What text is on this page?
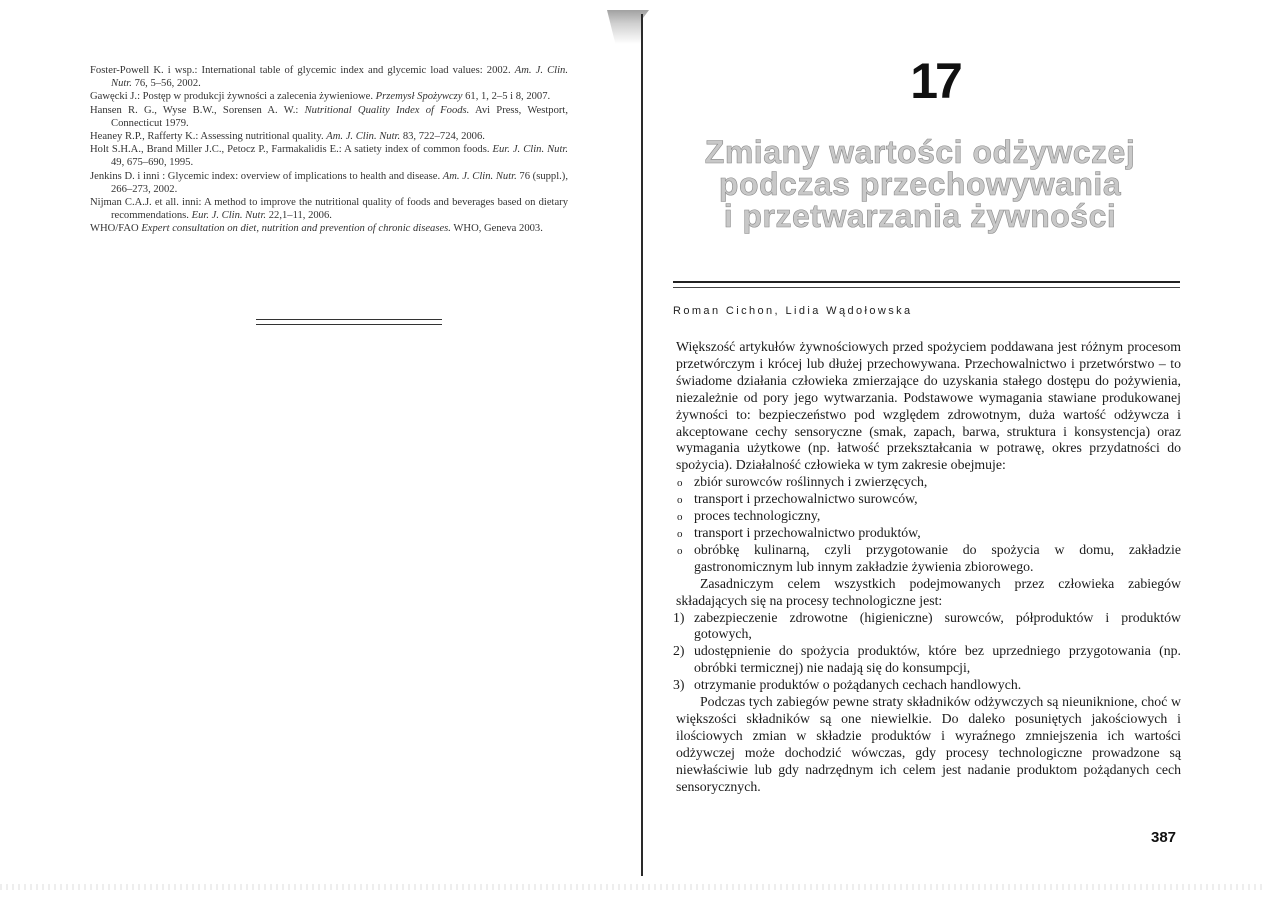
Foster-Powell K. i wsp.: International table of glycemic index and glycemic load values: 2002. Am. J. Clin. Nutr. 76, 5–56, 2002.

Gawęcki J.: Postęp w produkcji żywności a zalecenia żywieniowe. Przemysł Spożywczy 61, 1, 2–5 i 8, 2007.

Hansen R. G., Wyse B.W., Sorensen A. W.: Nutritional Quality Index of Foods. Avi Press, Westport, Connecticut 1979.

Heaney R.P., Rafferty K.: Assessing nutritional quality. Am. J. Clin. Nutr. 83, 722–724, 2006.

Holt S.H.A., Brand Miller J.C., Petocz P., Farmakalidis E.: A satiety index of common foods. Eur. J. Clin. Nutr. 49, 675–690, 1995.

Jenkins D. i inni : Glycemic index: overview of implications to health and disease. Am. J. Clin. Nutr. 76 (suppl.), 266–273, 2002.

Nijman C.A.J. et all. inni: A method to improve the nutritional quality of foods and beverages based on dietary recommendations. Eur. J. Clin. Nutr. 22,1–11, 2006.

WHO/FAO Expert consultation on diet, nutrition and prevention of chronic diseases. WHO, Geneva 2003.

17
Zmiany wartości odżywczej
podczas przechowywania
i przetwarzania żywności
Roman Cichon, Lidia Wądołowska

Większość artykułów żywnościowych przed spożyciem poddawana jest różnym procesom przetwórczym i krócej lub dłużej przechowywana. Przechowalnictwo i przetwórstwo – to świadome działania człowieka zmierzające do uzyskania stałego dostępu do pożywienia, niezależnie od pory jego wytwarzania. Podstawowe wymagania stawiane produkowanej żywności to: bezpieczeństwo pod względem zdrowotnym, duża wartość odżywcza i akceptowane cechy sensoryczne (smak, zapach, barwa, struktura i konsystencja) oraz wymagania użytkowe (np. łatwość przekształcania w potrawę, okres przydatności do spożycia). Działalność człowieka w tym zakresie obejmuje:

o zbiór surowców roślinnych i zwierzęcych,

o transport i przechowalnictwo surowców,

o proces technologiczny,

o transport i przechowalnictwo produktów,

o obróbkę kulinarną, czyli przygotowanie do spożycia w domu, zakładzie gastronomicznym lub innym zakładzie żywienia zbiorowego.

Zasadniczym celem wszystkich podejmowanych przez człowieka zabiegów składających się na procesy technologiczne jest:

1) zabezpieczenie zdrowotne (higieniczne) surowców, półproduktów i produktów gotowych,

2) udostępnienie do spożycia produktów, które bez uprzedniego przygotowania (np. obróbki termicznej) nie nadają się do konsumpcji,

3) otrzymanie produktów o pożądanych cechach handlowych.

Podczas tych zabiegów pewne straty składników odżywczych są nieuniknione, choć w większości składników są one niewielkie. Do daleko posuniętych jakościowych i ilościowych zmian w składzie produktów i wyraźnego zmniejszenia ich wartości odżywczej może dochodzić wówczas, gdy procesy technologiczne prowadzone są niewłaściwie lub gdy nadrzędnym ich celem jest nadanie produktom pożądanych cech sensorycznych.

387
